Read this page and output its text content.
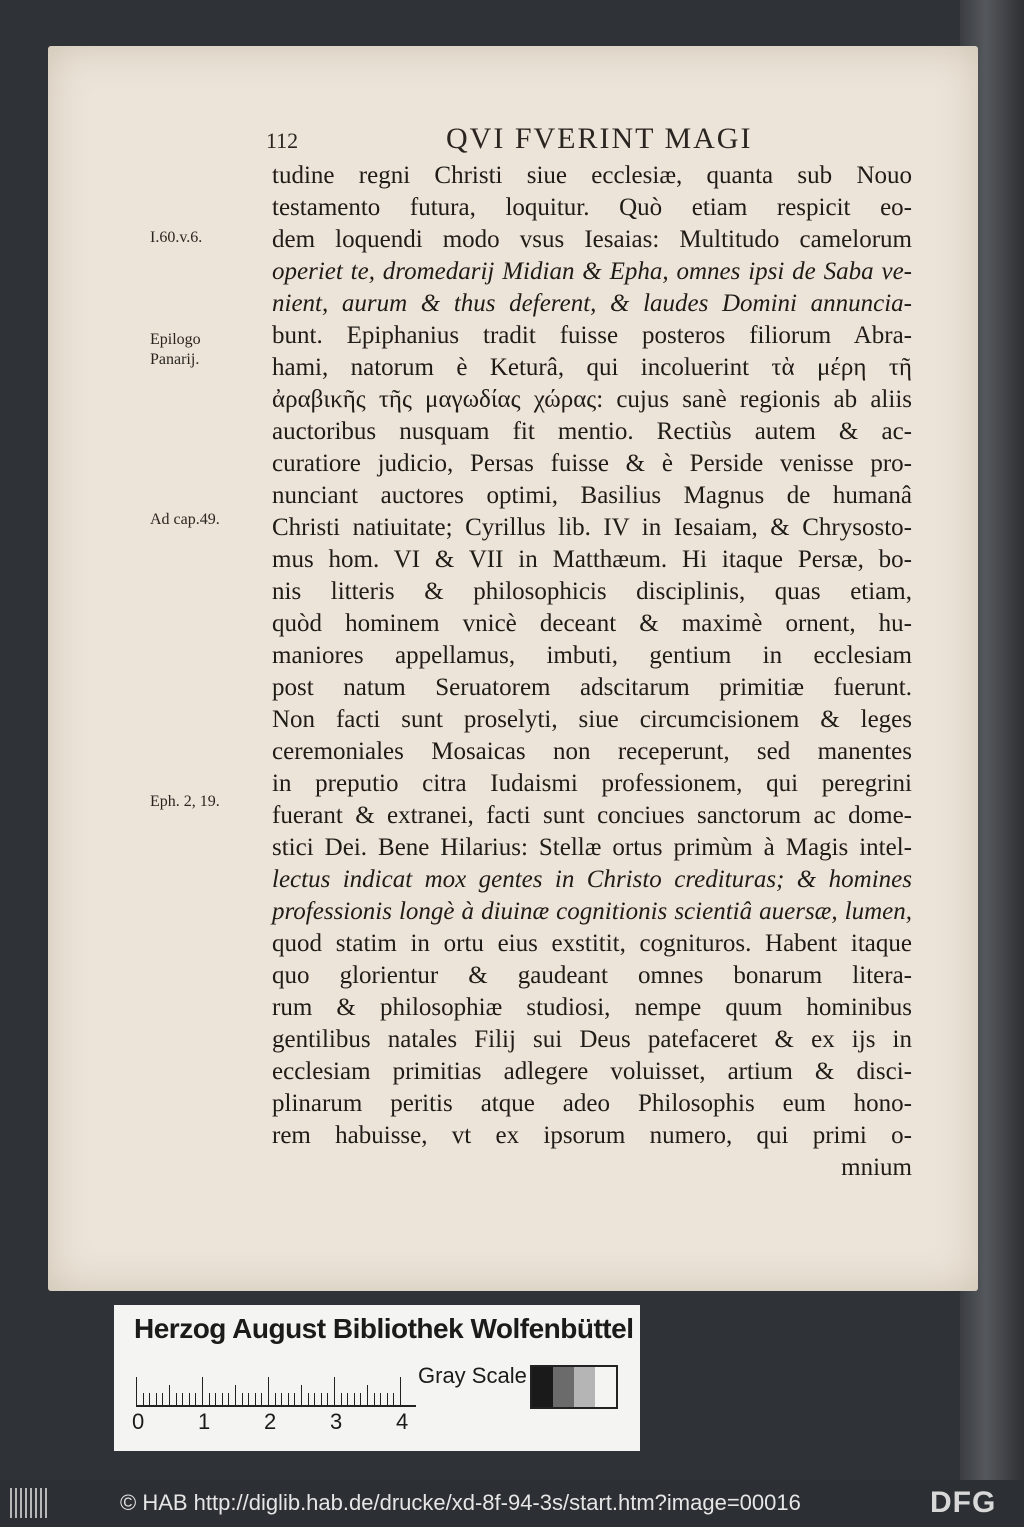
112	QVI FVERINT MAGI
I.60.v.6.
Epilogo Panarij.
Ad cap.49.
Eph. 2, 19.
tudine regni Christi siue ecclesiæ, quanta sub Nouo
testamento futura, loquitur. Quò etiam respicit eo-
dem loquendi modo vsus Iesaias: Multitudo camelorum
operiet te, dromedarij Midian & Epha, omnes ipsi de Saba ve-
nient, aurum & thus deferent, & laudes Domini annuncia-
bunt. Epiphanius tradit fuisse posteros filiorum Abra-
hami, natorum è Keturâ, qui incoluerint τὰ μέρη τῆ
ἀραβικῆς τῆς μαγωδίας χώρας: cujus sanè regionis ab aliis
auctoribus nusquam fit mentio. Rectiùs autem & ac-
curatiore judicio, Persas fuisse & è Perside venisse pro-
nunciant auctores optimi, Basilius Magnus de humanâ
Christi natiuitate; Cyrillus lib. IV in Iesaiam, & Chrysosto-
mus hom. VI & VII in Matthæum. Hi itaque Persæ, bo-
nis litteris & philosophicis disciplinis, quas etiam,
quòd hominem vnicè deceant & maximè ornent, hu-
maniores appellamus, imbuti, gentium in ecclesiam
post natum Seruatorem adscitarum primitiæ fuerunt.
Non facti sunt proselyti, siue circumcisionem & leges
ceremoniales Mosaicas non receperunt, sed manentes
in preputio citra Iudaismi professionem, qui peregrini
fuerant & extranei, facti sunt conciues sanctorum ac dome-
stici Dei. Bene Hilarius: Stellæ ortus primùm à Magis intel-
lectus indicat mox gentes in Christo credituras; & homines
professionis longè à diuinæ cognitionis scientiâ auersæ, lumen,
quod statim in ortu eius exstitit, cognituros. Habent itaque
quo glorientur & gaudeant omnes bonarum litera-
rum & philosophiæ studiosi, nempe quum hominibus
gentilibus natales Filij sui Deus patefaceret & ex ijs in
ecclesiam primitias adlegere voluisset, artium & disci-
plinarum peritis atque adeo Philosophis eum hono-
rem habuisse, vt ex ipsorum numero, qui primi o-
mnium
Herzog August Bibliothek Wolfenbüttel
0 1 2 3 4
Gray Scale
© HAB http://diglib.hab.de/drucke/xd-8f-94-3s/start.htm?image=00016	DFG
